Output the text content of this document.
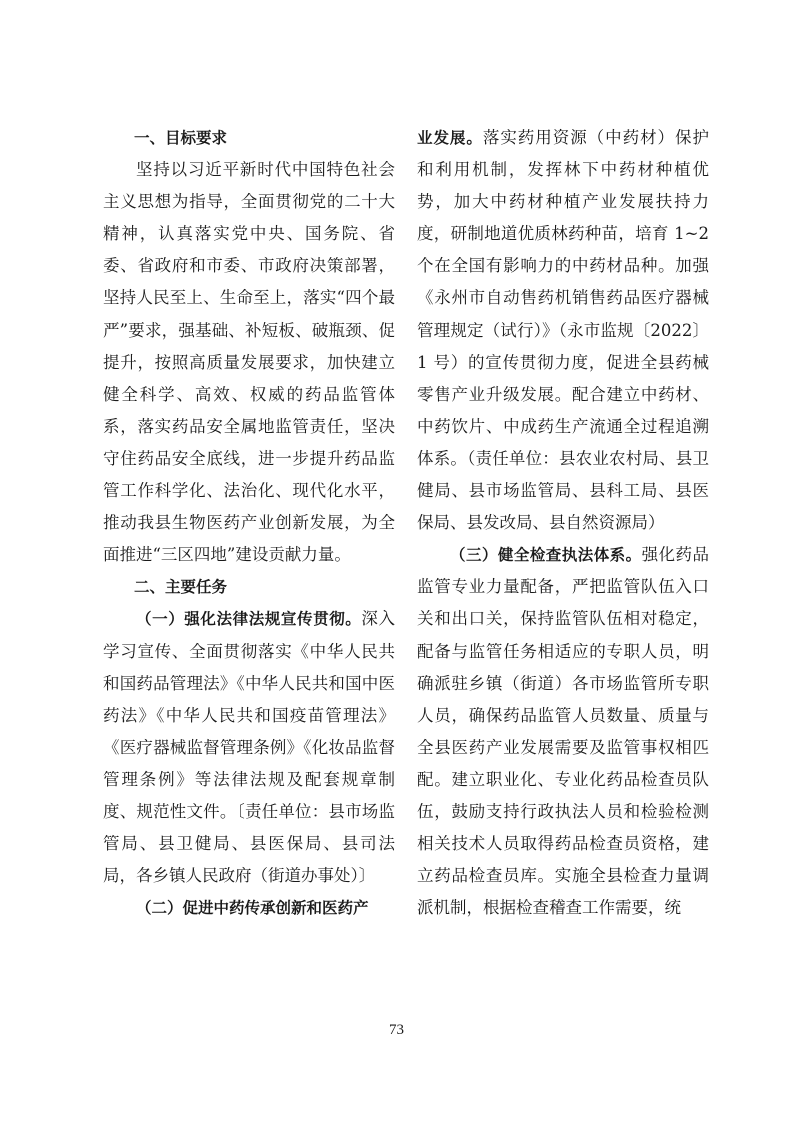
一、目标要求

坚持以习近平新时代中国特色社会主义思想为指导，全面贯彻党的二十大精神，认真落实党中央、国务院、省委、省政府和市委、市政府决策部署，坚持人民至上、生命至上，落实“四个最严”要求，强基础、补短板、破瓶颈、促提升，按照高质量发展要求，加快建立健全科学、高效、权威的药品监管体系，落实药品安全属地监管责任，坚决守住药品安全底线，进一步提升药品监管工作科学化、法治化、现代化水平，推动我县生物医药产业创新发展，为全面推进“三区四地”建设贡献力量。

二、主要任务

（一）强化法律法规宣传贯彻。深入学习宣传、全面贯彻落实《中华人民共和国药品管理法》《中华人民共和国中医药法》《中华人民共和国疫苗管理法》《医疗器械监督管理条例》《化妆品监督管理条例》等法律法规及配套规章制度、规范性文件。〔责任单位：县市场监管局、县卫健局、县医保局、县司法局，各乡镇人民政府（街道办事处）〕

（二）促进中药传承创新和医药产

业发展。落实药用资源（中药材）保护和利用机制，发挥林下中药材种植优势，加大中药材种植产业发展扶持力度，研制地道优质林药种苗，培育 1~2 个在全国有影响力的中药材品种。加强《永州市自动售药机销售药品医疗器械管理规定（试行）》（永市监规〔2022〕1 号）的宣传贯彻力度，促进全县药械零售产业升级发展。配合建立中药材、中药饮片、中成药生产流通全过程追溯体系。（责任单位：县农业农村局、县卫健局、县市场监管局、县科工局、县医保局、县发改局、县自然资源局）

（三）健全检查执法体系。强化药品监管专业力量配备，严把监管队伍入口关和出口关，保持监管队伍相对稳定，配备与监管任务相适应的专职人员，明确派驻乡镇（街道）各市场监管所专职人员，确保药品监管人员数量、质量与全县医药产业发展需要及监管事权相匹配。建立职业化、专业化药品检查员队伍，鼓励支持行政执法人员和检验检测相关技术人员取得药品检查员资格，建立药品检查员库。实施全县检查力量调派机制，根据检查稽查工作需要，统

73
